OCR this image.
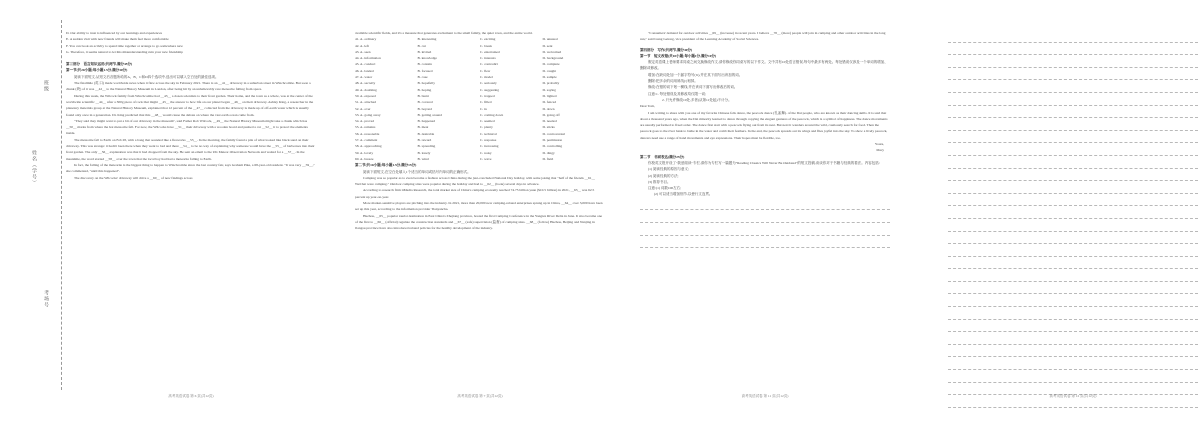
班级
姓名（学号）
考场号
D. Our ability to trust is influenced by our learnings and experiences
E. A sudden visit with new friends will make them feel more comfortable
F. You can book an activity to spend time together or arrange to go somewhere new
G. Therefore, it seems natural to let this misunderstanding ruin your new friendship
第三部分　语言知识运用(共两节,满分45分)
第一节(共20小题;每小题1.5分,满分30分)
阅读下面短文,从短文后各题所给的A、B、C和D四个选项中,选出可以填入空白处的最佳选项。
The finalmile (英 口) made worldwide news when it flew across the sky in February 2021. There is an __41__ driveway in a suburban street in Winchcombe. But soon a chunk (块) of it was __42__ to the Natural History Museum in London, after being hit by an unbelievably rare meteorite falling from space.
During this week, the Wilcock family from Winchcombe had __43__ a dozen scientists to their front garden. Their home, and the town as a whole, was at the center of the worldwide scientific __44__ after a 300g piece of rock that might __45__ the answer to how life on our planet began __46__ on their driveway. Ashley King, a researcher in the planetary materials group at the Natural History Museum, explained that 12 percent of the __47__ collected from the driveway is made up of off-earth water which is usually found only once in a generation. Dr. King predicted that this __48__ would cause the debate on where the vast earth ocean came from.
"They said they might want to put a bit of our driveway in the museum", said Father Rob Wilcock, __49__ the Natural History Museum might take a chunk which has __50__ marks from where the hot meteorite fell. For now, the Wilcocks have __51__ their driveway with a wooden board and pushed a car __52__ it to protect the elements inside.
The meteorite fell to Earth on Feb 28, with a bang that sounded like a fireworks __53__. In the morning, the family found a pile of what looked like black sand on their driveway. This was strange: it hadn't been there when they went to bed and there __54__ to be no way of explaining why someone would have the __55__ of barbecues into their front garden. The only __56__ explanation was that it had dropped from the sky. He sent an email to the UK Meteor Observation Network and waited for a __57__. In the meantime, the word started __58__ over the town that the local boy had had a meteorite falling to Earth.
In fact, the falling of the meteorite is the biggest thing to happen to Winchcombe since the last country fair, says Graham Pike, a 68-year-old resident. "It was very __59__," she commented, "until this happened".
The discovery on the Wilcocks' driveway will drive a __60__ of new findings across
available scientific fields, and it's a measure that generates excitement to the small family, the quiet town, and the entire world.
41. A. ordinary	B. interesting	C. exciting	D. unusual
42. A. left	B. cut	C. break	D. sent
43. A. seen	B. invited	C. entertained	D. welcomed
44. A. information	B. knowledge	C. interests	D. background
45. A. conduct	B. contain	C. contradict	D. complete
46. A. landed	B. focused	C. flew	D. caught
47. A. water	B. case	C. model	D. sample
48. A. secretly	B. hopefully	C. seriously	D. probably
49. A. doubting	B. hoping	C. suggesting	D. saying
50. A. exposed	B. burnt	C. trapped	D. lighted
51. A. attached	B. covered	C. filled	D. fenced
52. A. over	B. beyond	C. in	D. down
53. A. going away	B. getting around	C. coming down	D. going off
54. A. proved	B. happened	C. seemed	D. needed
55. A. remains	B. meat	C. plenty	D. sticks
56. A. reasonable	B. desirable	C. technical	D. controversial
57. A. comment	B. reward	C. response	D. permission
58. A. approaching	B. spreading	C. increasing	D. controlling
59. A. lovely	B. lonely	C. noisy	D. dingy
60. A. breeze	B. wind	C. wave	D. field
第二节(共10小题;每小题1.5分,满分15分)
阅读下面短文,在空白处填入1个适当的单词或括号内单词的正确形式。
Camping was so popular as to even become a fashion across China during the just-concluded National Day holiday, with some joking that "half of the friends __61__ WeChat were camping." Outdoor camping sites were popular during the holiday and had to __62__ (book) several days in advance.
According to research firm iiMedia Research, the total market size of China's camping economy reached 74.75 billion yuan ($10.5 billion) in 2021, __63__ was 62.5 percent up year-on-year.
More market-sensitive players are pitching into the industry. In 2021, more than 20,000 new camping-related enterprises sprung up in China, __64__ over 3,000 have been set up this year, according to the information provider Tianyancha.
Huzhou, __65__ popular tourist destination in East China's Zhejiang province, hosted the first Camping Conference in the Yangtze River Delta in June. It also became one of the first to __66__ (official) regulate the construction standards and __67__ (safe) supervision (监督) of camping sites. __68__ (follow) Huzhou, Beijing and Nanjing in Jiangsu province have also introduced related policies for the healthy development of the industry.
"Consumers' demand for outdoor activities __69__ (increase) in recent years. I believe __70__ (more) people will join in camping and other outdoor activities in the long run," said Liang Gelong, vice president of the Learning Academy of Social Sciences.
第四部分　写作(共两节,满分40分)
第一节　短文改错(共10小题;每小题1分,满分10分)
假定英语课上老师要求同桌之间交换修改作文,请你修改你同桌写的以下作文。文中共有10处语言错误,每句中最多有两处。每处错误仅涉及一个单词的增加、删除或修改。
增加:在缺词处加一个漏字符号(∧),并在其下面写出该加的词。
删除:把多余的词用斜线(\)划掉。
修改:在错的词下划一横线,并在该词下面写出修改后的词。
注意:1. 每处错误及其修改均仅限一词;
2. 只允许修改10处,多者(从第11处起)不计分。
Dear Tom,
I am writing to share with you one of my favorite Chinese folk dance, the peacock dance (孔雀舞). of the Dai people, who are known as their dancing skills. It is said that about a thousand years ago, when the Dai minority learned to dance through copying the elegant gestures of the peacock, which is a symbol of happiness. The dance movements are usually performed to fixed order. The dance first start with a peacock flying out from its nest. But next it wanders around the wild, cautiously search for food. Then the peacock goes to the river bank to bathe in the water and comb their feathers. In the end, the peacock spreads out its wings and flies joyful into the sky. To show a lively peacock, dancers need use a range of hand movements and eye expressions. Their hopes must be flexible, too.
Yours,
Mary
第二节　书面表达(满分25分)
你校英文报开设了"我爱阅读"专栏,请你为专栏写一篇题为"Reading Classics Will Never Be Outdated"的短文投稿,谈谈你对于书籍与经典的看法。内容包括:
(1) 阅读经典的原因与意义;
(2) 阅读经典的方法;
(3) 推荐书目。
注意:(1) 词数100左右;
(2) 可以适当增加细节,以使行文连贯。
高考英语试卷 第 6 页(共12页)	高考英语试卷 第 7 页(共12页)	高考英语试卷 第 11 页(共12页)	高考英语试卷 第 12 页(共12页)
